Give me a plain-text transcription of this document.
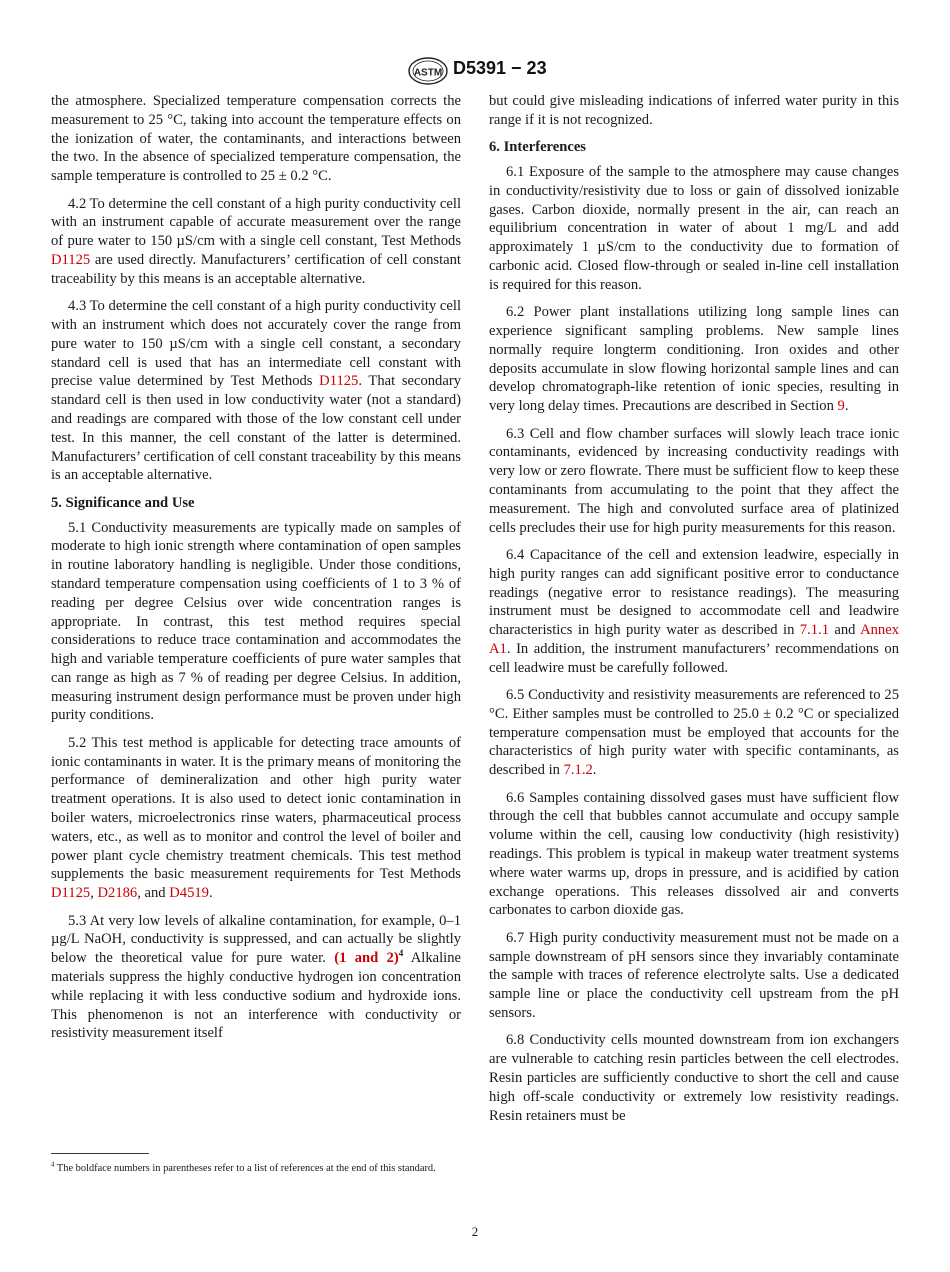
ASTM D5391 − 23

the atmosphere. Specialized temperature compensation corrects the measurement to 25 °C, taking into account the temperature effects on the ionization of water, the contaminants, and interactions between the two. In the absence of specialized temperature compensation, the sample temperature is controlled to 25 ± 0.2 °C.

4.2 To determine the cell constant of a high purity conductivity cell with an instrument capable of accurate measurement over the range of pure water to 150 µS/cm with a single cell constant, Test Methods D1125 are used directly. Manufacturers’ certification of cell constant traceability by this means is an acceptable alternative.

4.3 To determine the cell constant of a high purity conductivity cell with an instrument which does not accurately cover the range from pure water to 150 µS/cm with a single cell constant, a secondary standard cell is used that has an intermediate cell constant with precise value determined by Test Methods D1125. That secondary standard cell is then used in low conductivity water (not a standard) and readings are compared with those of the low constant cell under test. In this manner, the cell constant of the latter is determined. Manufacturers’ certification of cell constant traceability by this means is an acceptable alternative.

5. Significance and Use

5.1 Conductivity measurements are typically made on samples of moderate to high ionic strength where contamination of open samples in routine laboratory handling is negligible. Under those conditions, standard temperature compensation using coefficients of 1 to 3 % of reading per degree Celsius over wide concentration ranges is appropriate. In contrast, this test method requires special considerations to reduce trace contamination and accommodates the high and variable temperature coefficients of pure water samples that can range as high as 7 % of reading per degree Celsius. In addition, measuring instrument design performance must be proven under high purity conditions.

5.2 This test method is applicable for detecting trace amounts of ionic contaminants in water. It is the primary means of monitoring the performance of demineralization and other high purity water treatment operations. It is also used to detect ionic contamination in boiler waters, microelectronics rinse waters, pharmaceutical process waters, etc., as well as to monitor and control the level of boiler and power plant cycle chemistry treatment chemicals. This test method supplements the basic measurement requirements for Test Methods D1125, D2186, and D4519.

5.3 At very low levels of alkaline contamination, for example, 0–1 µg/L NaOH, conductivity is suppressed, and can actually be slightly below the theoretical value for pure water. (1 and 2)$^4$ Alkaline materials suppress the highly conductive hydrogen ion concentration while replacing it with less conductive sodium and hydroxide ions. This phenomenon is not an interference with conductivity or resistivity measurement itself

but could give misleading indications of inferred water purity in this range if it is not recognized.

6. Interferences

6.1 Exposure of the sample to the atmosphere may cause changes in conductivity/resistivity due to loss or gain of dissolved ionizable gases. Carbon dioxide, normally present in the air, can reach an equilibrium concentration in water of about 1 mg/L and add approximately 1 µS/cm to the conductivity due to formation of carbonic acid. Closed flow-through or sealed in-line cell installation is required for this reason.

6.2 Power plant installations utilizing long sample lines can experience significant sampling problems. New sample lines normally require longterm conditioning. Iron oxides and other deposits accumulate in slow flowing horizontal sample lines and can develop chromatograph-like retention of ionic species, resulting in very long delay times. Precautions are described in Section 9.

6.3 Cell and flow chamber surfaces will slowly leach trace ionic contaminants, evidenced by increasing conductivity readings with very low or zero flowrate. There must be sufficient flow to keep these contaminants from accumulating to the point that they affect the measurement. The high and convoluted surface area of platinized cells precludes their use for high purity measurements for this reason.

6.4 Capacitance of the cell and extension leadwire, especially in high purity ranges can add significant positive error to conductance readings (negative error to resistance readings). The measuring instrument must be designed to accommodate cell and leadwire characteristics in high purity water as described in 7.1.1 and Annex A1. In addition, the instrument manufacturers’ recommendations on cell leadwire must be carefully followed.

6.5 Conductivity and resistivity measurements are referenced to 25 °C. Either samples must be controlled to 25.0 ± 0.2 °C or specialized temperature compensation must be employed that accounts for the characteristics of high purity water with specific contaminants, as described in 7.1.2.

6.6 Samples containing dissolved gases must have sufficient flow through the cell that bubbles cannot accumulate and occupy sample volume within the cell, causing low conductivity (high resistivity) readings. This problem is typical in makeup water treatment systems where water warms up, drops in pressure, and is acidified by cation exchange operations. This releases dissolved air and converts carbonates to carbon dioxide gas.

6.7 High purity conductivity measurement must not be made on a sample downstream of pH sensors since they invariably contaminate the sample with traces of reference electrolyte salts. Use a dedicated sample line or place the conductivity cell upstream from the pH sensors.

6.8 Conductivity cells mounted downstream from ion exchangers are vulnerable to catching resin particles between the cell electrodes. Resin particles are sufficiently conductive to short the cell and cause high off-scale conductivity or extremely low resistivity readings. Resin retainers must be

$^4$ The boldface numbers in parentheses refer to a list of references at the end of this standard.
2
